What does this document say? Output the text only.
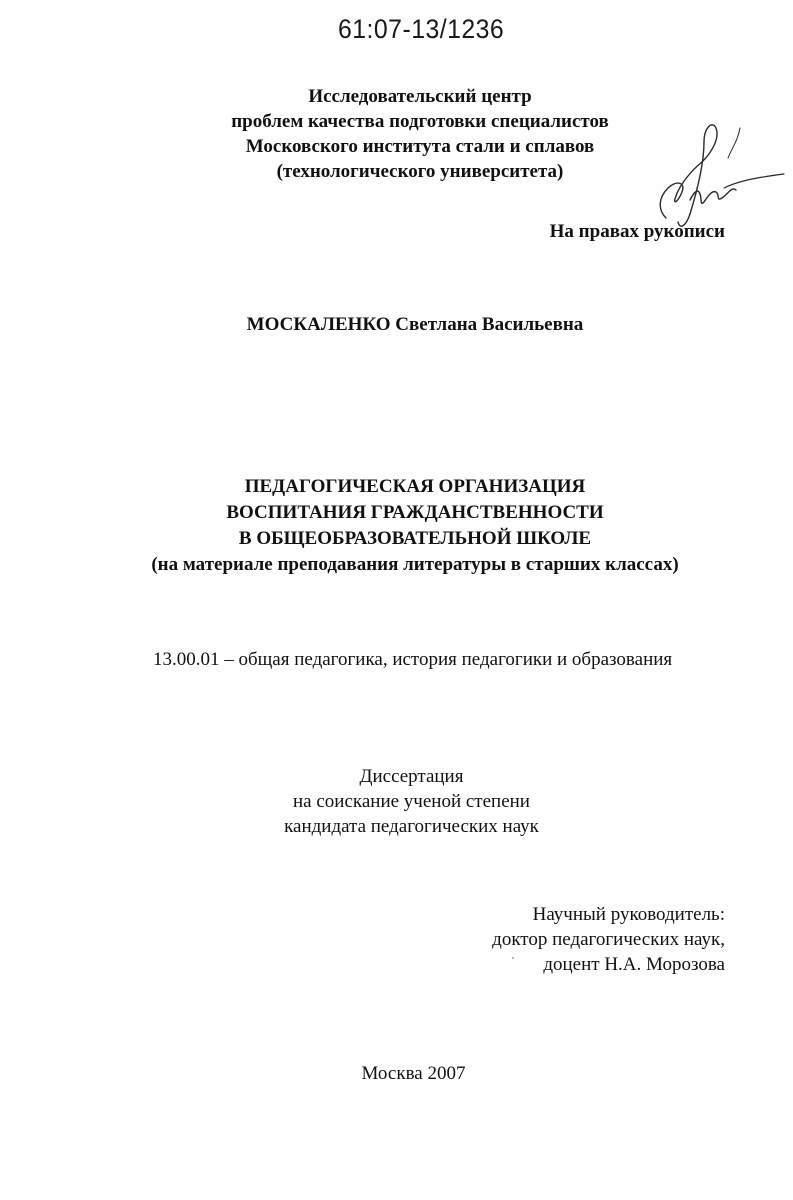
61:07-13/1236
Исследовательский центр
проблем качества подготовки специалистов
Московского института стали и сплавов
(технологического университета)
На правах рукописи
МОСКАЛЕНКО Светлана Васильевна
ПЕДАГОГИЧЕСКАЯ ОРГАНИЗАЦИЯ
ВОСПИТАНИЯ ГРАЖДАНСТВЕННОСТИ
В ОБЩЕОБРАЗОВАТЕЛЬНОЙ ШКОЛЕ
(на материале преподавания литературы в старших классах)
13.00.01 – общая педагогика, история педагогики и образования
Диссертация
на соискание ученой степени
кандидата педагогических наук
Научный руководитель:
доктор педагогических наук,
доцент Н.А. Морозова
Москва 2007
